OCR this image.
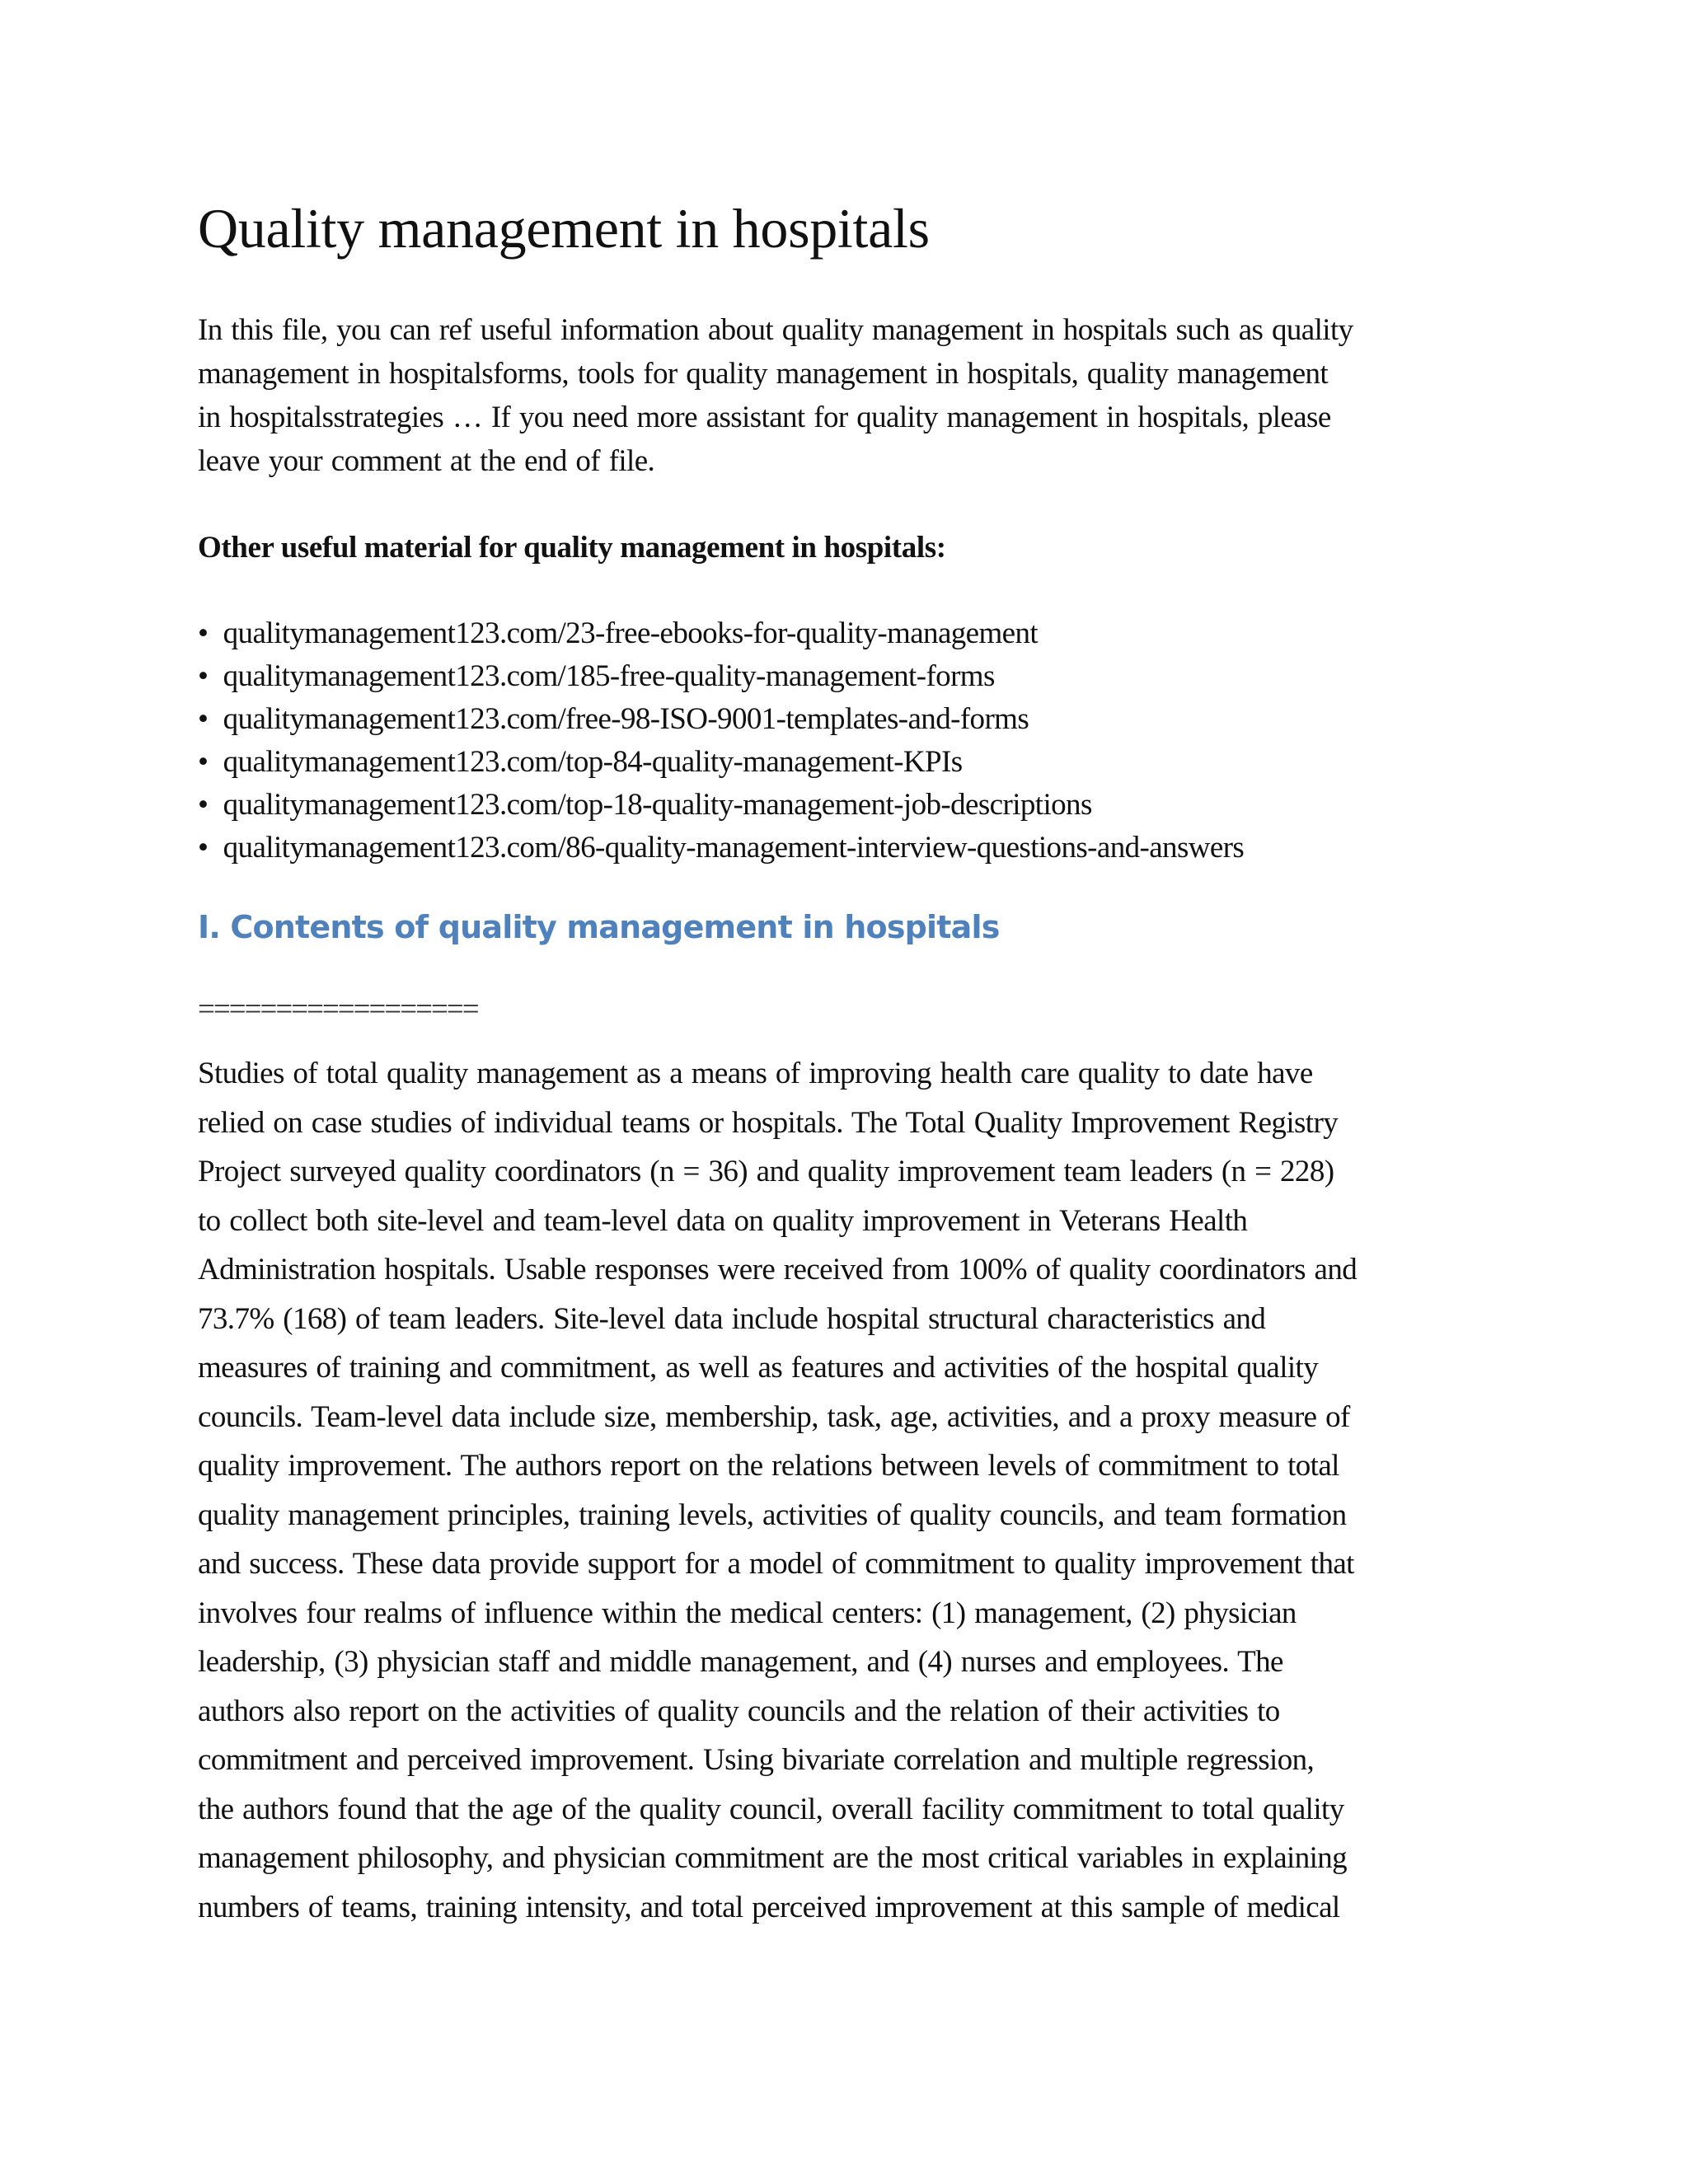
Quality management in hospitals
In this file, you can ref useful information about quality management in hospitals such as quality
management in hospitalsforms, tools for quality management in hospitals, quality management
in hospitalsstrategies … If you need more assistant for quality management in hospitals, please
leave your comment at the end of file.
Other useful material for quality management in hospitals:
• qualitymanagement123.com/23-free-ebooks-for-quality-management
• qualitymanagement123.com/185-free-quality-management-forms
• qualitymanagement123.com/free-98-ISO-9001-templates-and-forms
• qualitymanagement123.com/top-84-quality-management-KPIs
• qualitymanagement123.com/top-18-quality-management-job-descriptions
• qualitymanagement123.com/86-quality-management-interview-questions-and-answers
I. Contents of quality management in hospitals
==================
Studies of total quality management as a means of improving health care quality to date have
relied on case studies of individual teams or hospitals. The Total Quality Improvement Registry
Project surveyed quality coordinators (n = 36) and quality improvement team leaders (n = 228)
to collect both site-level and team-level data on quality improvement in Veterans Health
Administration hospitals. Usable responses were received from 100% of quality coordinators and
73.7% (168) of team leaders. Site-level data include hospital structural characteristics and
measures of training and commitment, as well as features and activities of the hospital quality
councils. Team-level data include size, membership, task, age, activities, and a proxy measure of
quality improvement. The authors report on the relations between levels of commitment to total
quality management principles, training levels, activities of quality councils, and team formation
and success. These data provide support for a model of commitment to quality improvement that
involves four realms of influence within the medical centers: (1) management, (2) physician
leadership, (3) physician staff and middle management, and (4) nurses and employees. The
authors also report on the activities of quality councils and the relation of their activities to
commitment and perceived improvement. Using bivariate correlation and multiple regression,
the authors found that the age of the quality council, overall facility commitment to total quality
management philosophy, and physician commitment are the most critical variables in explaining
numbers of teams, training intensity, and total perceived improvement at this sample of medical
